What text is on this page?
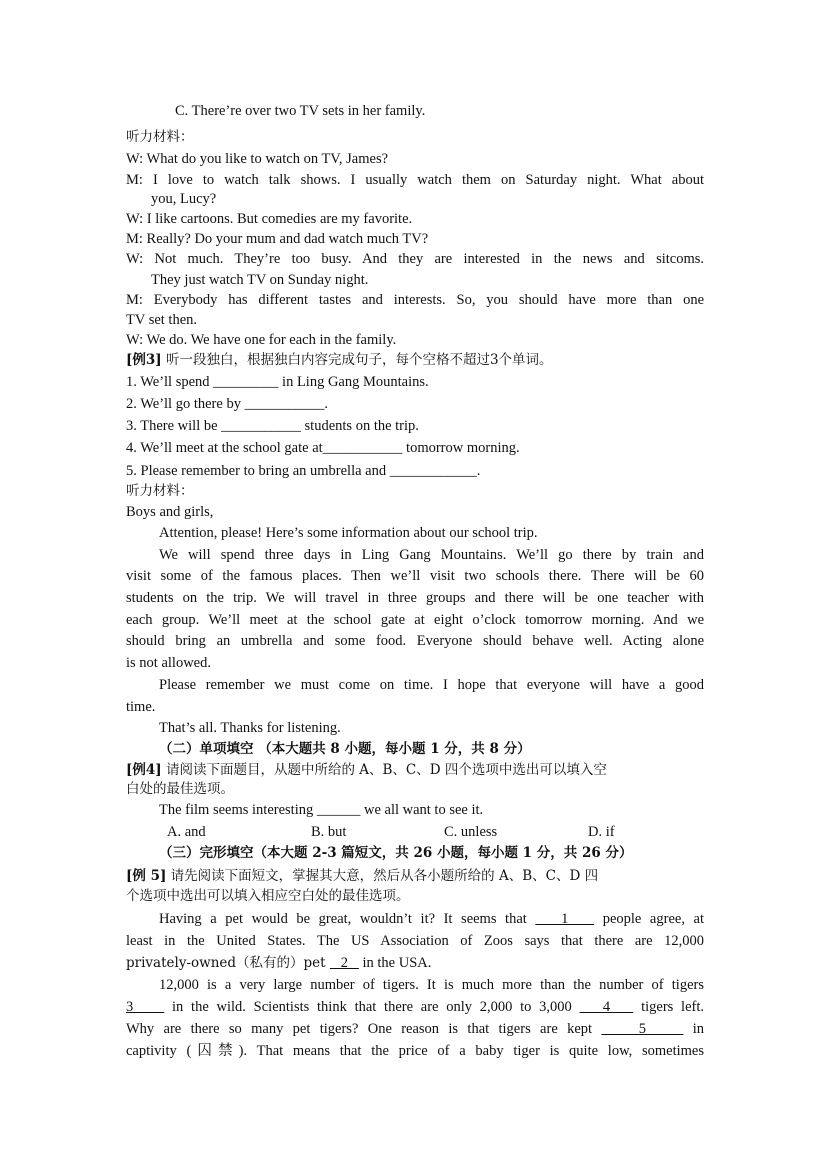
C. There’re over two TV sets in her family.
听力材料：
W: What do you like to watch on TV, James?
M: I love to watch talk shows. I usually watch them on Saturday night. What about
you, Lucy?
W: I like cartoons. But comedies are my favorite.
M: Really? Do your mum and dad watch much TV?
W: Not much. They’re too busy. And they are interested in the news and sitcoms.
They just watch TV on Sunday night.
M: Everybody has different tastes and interests. So, you should have more than one
TV set then.
W: We do. We have one for each in the family.
[例3] 听一段独白，根据独白内容完成句子，每个空格不超过3个单词。
1. We’ll spend _________ in Ling Gang Mountains.
2. We’ll go there by ___________.
3. There will be ___________ students on the trip.
4. We’ll meet at the school gate at___________ tomorrow morning.
5. Please remember to bring an umbrella and ____________.
听力材料：
Boys and girls,
Attention, please! Here’s some information about our school trip.
We will spend three days in Ling Gang Mountains. We’ll go there by train and
visit some of the famous places. Then we’ll visit two schools there. There will be 60
students on the trip. We will travel in three groups and there will be one teacher with
each group. We’ll meet at the school gate at eight o’clock tomorrow morning. And we
should bring an umbrella and some food. Everyone should behave well. Acting alone
is not allowed.
Please remember we must come on time. I hope that everyone will have a good
time.
That’s all. Thanks for listening.
（二）单项填空 （本大题共 8 小题，每小题 1 分，共 8 分）
[例4] 请阅读下面题目，从题中所给的 A、B、C、D 四个选项中选出可以填入空
白处的最佳选项。
The film seems interesting ______ we all want to see it.
A. and	B. but	C. unless	D. if
（三）完形填空（本大题 2-3 篇短文，共 26 小题，每小题 1 分，共 26 分）
[例 5] 请先阅读下面短文，掌握其大意，然后从各小题所给的 A、B、C、D 四
个选项中选出可以填入相应空白处的最佳选项。
Having a pet would be great, wouldn’t it? It seems that    1    people agree, at
least in the United States. The US Association of Zoos says that there are 12,000
privately-owned（私有的）pet    2    in the USA.
12,000 is a very large number of tigers. It is much more than the number of tigers
3     in the wild. Scientists think that there are only 2,000 to 3,000    4    tigers left.
Why are there so many pet tigers? One reason is that tigers are kept     5     in
captivity (囚禁). That means that the price of a baby tiger is quite low, sometimes
